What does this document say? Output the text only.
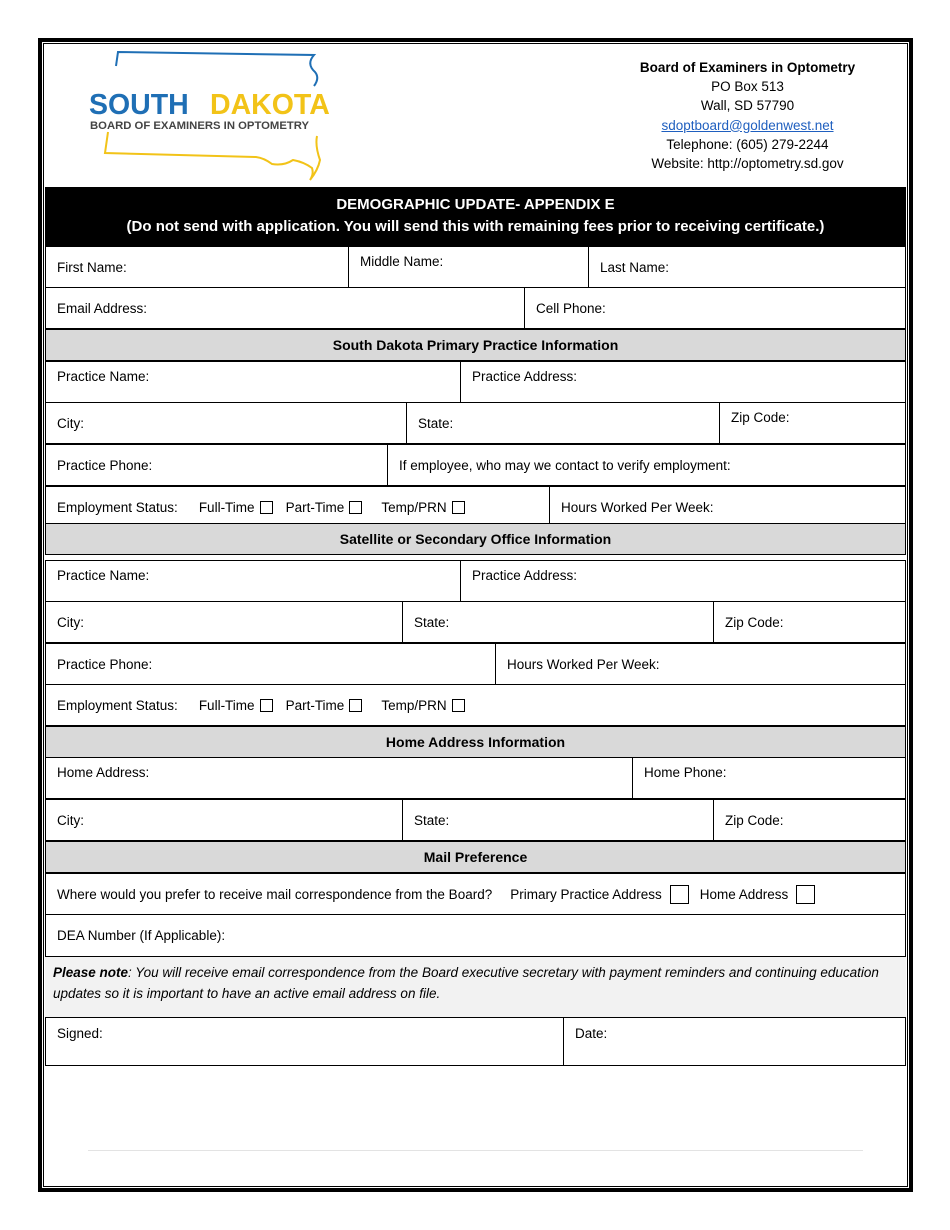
SOUTH DAKOTA
BOARD OF EXAMINERS IN OPTOMETRY
Board of Examiners in Optometry
PO Box 513
Wall, SD 57790
sdoptboard@goldenwest.net
Telephone: (605) 279-2244
Website: http://optometry.sd.gov
DEMOGRAPHIC UPDATE- APPENDIX E
(Do not send with application. You will send this with remaining fees prior to receiving certificate.)
First Name:	Middle Name:	Last Name:
Email Address:	Cell Phone:
South Dakota Primary Practice Information
Practice Name:	Practice Address:
City:	State:	Zip Code:
Practice Phone:	If employee, who may we contact to verify employment:
Employment Status: Full-Time	Part-Time	Temp/PRN	Hours Worked Per Week:
Satellite or Secondary Office Information
Practice Name:	Practice Address:
City:	State:	Zip Code:
Practice Phone:	Hours Worked Per Week:
Employment Status: Full-Time	Part-Time	Temp/PRN
Home Address Information
Home Address:	Home Phone:
City:	State:	Zip Code:
Mail Preference
Where would you prefer to receive mail correspondence from the Board? Primary Practice Address	Home Address
DEA Number (If Applicable):
Please note: You will receive email correspondence from the Board executive secretary with payment reminders and continuing education updates so it is important to have an active email address on file.
Signed:	Date:
